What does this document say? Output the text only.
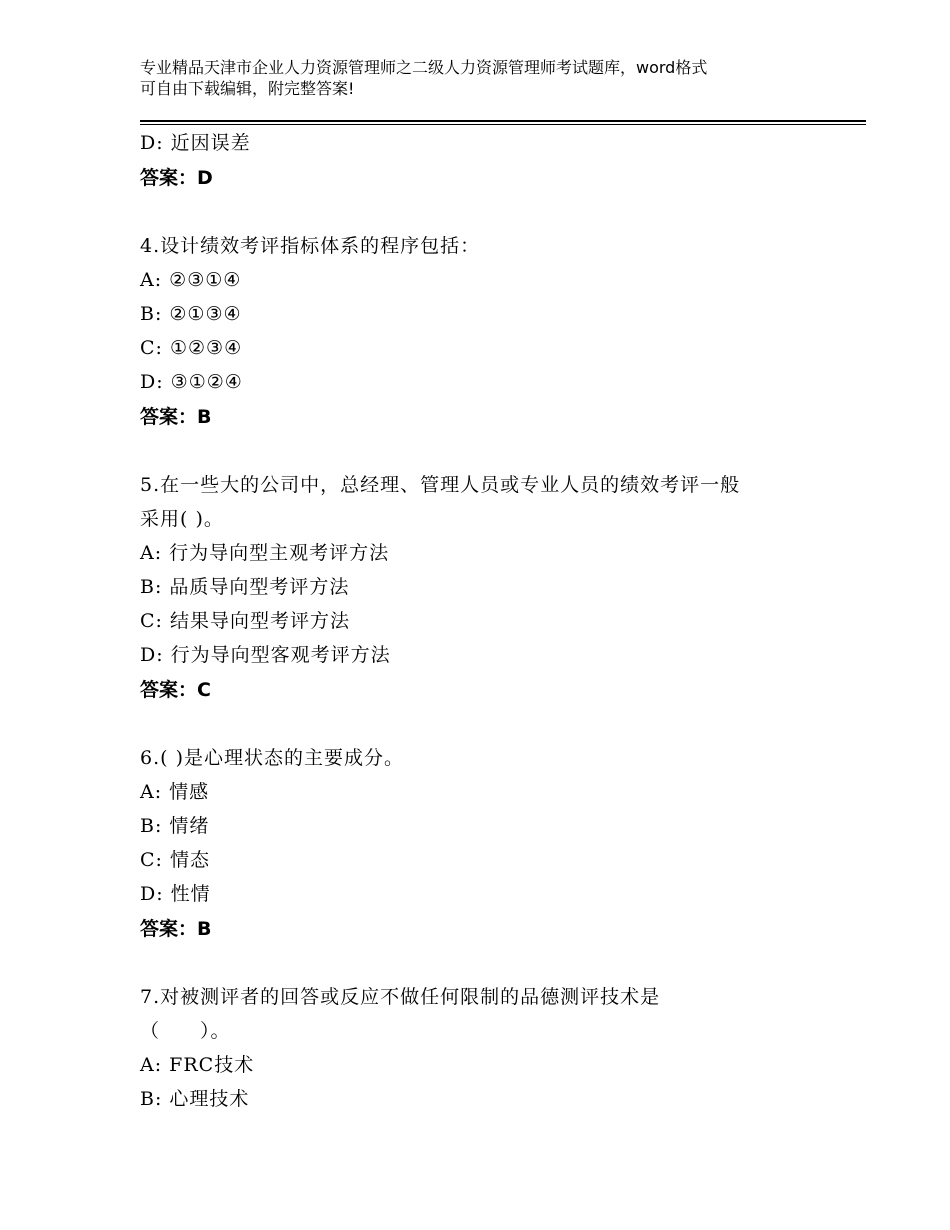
专业精品天津市企业人力资源管理师之二级人力资源管理师考试题库，word格式
可自由下载编辑，附完整答案!
D: 近因误差
答案：D
4.设计绩效考评指标体系的程序包括：
A: ②③①④
B: ②①③④
C: ①②③④
D: ③①②④
答案：B
5.在一些大的公司中，总经理、管理人员或专业人员的绩效考评一般
采用( )。
A: 行为导向型主观考评方法
B: 品质导向型考评方法
C: 结果导向型考评方法
D: 行为导向型客观考评方法
答案：C
6.( )是心理状态的主要成分。
A: 情感
B: 情绪
C: 情态
D: 性情
答案：B
7.对被测评者的回答或反应不做任何限制的品德测评技术是
（　　）。
A: FRC技术
B: 心理技术
